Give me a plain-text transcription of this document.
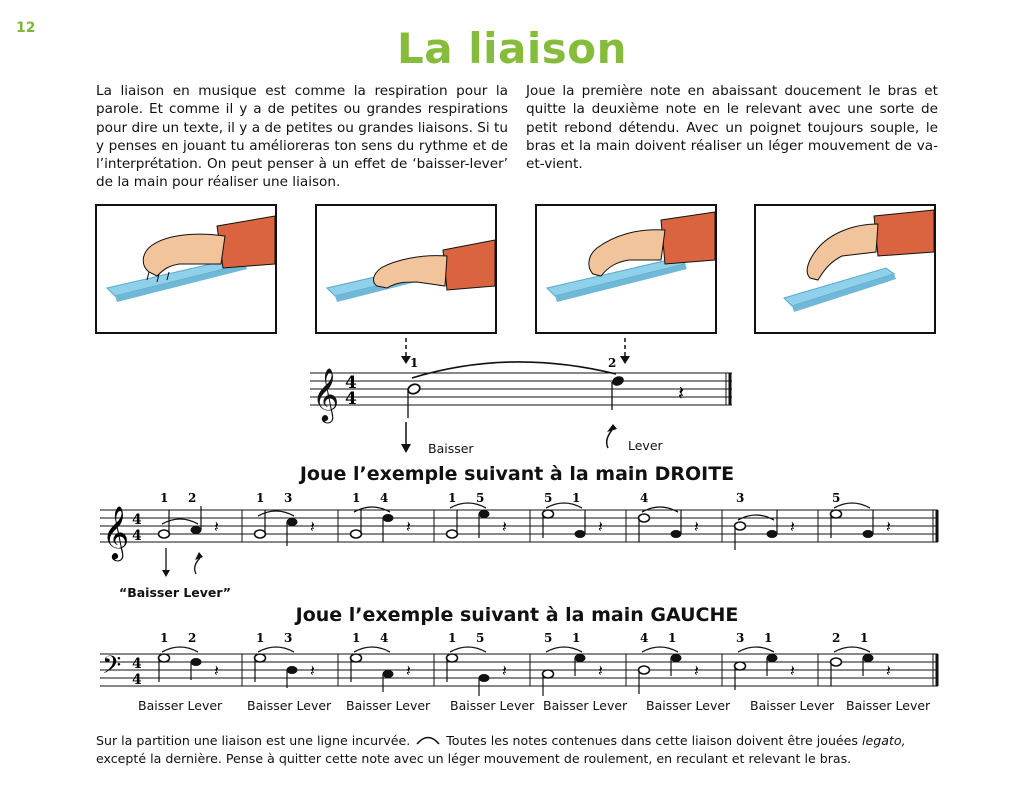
12	La liaison
La liaison en musique est comme la respiration pour la parole. Et comme il y a de petites ou grandes respirations pour dire un texte, il y a de petites ou grandes liaisons. Si tu y penses en jouant tu amélioreras ton sens du rythme et de l’interprétation. On peut penser à un effet de ‘baisser-lever’ de la main pour réaliser une liaison.
Joue la première note en abaissant doucement le bras et quitte la deuxième note en le relevant avec une sorte de petit rebond détendu. Avec un poignet toujours souple, le bras et la main doivent réaliser un léger mouvement de va-et-vient.
𝄞 4
4
1	2
𝄽
Baisser	Lever
Joue l’exemple suivant à la main DROITE
𝄞 4
4
1 2
𝄽
1 3
𝄽
1 4
𝄽
1 5
𝄽
5 1
𝄽
4
𝄽
3
𝄽
5
𝄽
“Baisser Lever”
Joue l’exemple suivant à la main GAUCHE
𝄢 4
4
1 2
𝄽
1 3
𝄽
1 4
𝄽
1 5
𝄽
5 1
𝄽
4 1
𝄽
3 1
𝄽
2 1
𝄽
Baisser Lever Baisser Lever Baisser Lever Baisser Lever Baisser Lever Baisser Lever Baisser Lever Baisser Lever
Sur la partition une liaison est une ligne incurvée.	Toutes les notes contenues dans cette liaison doivent être jouées legato, excepté la dernière. Pense à quitter cette note avec un léger mouvement de roulement, en reculant et relevant le bras.
